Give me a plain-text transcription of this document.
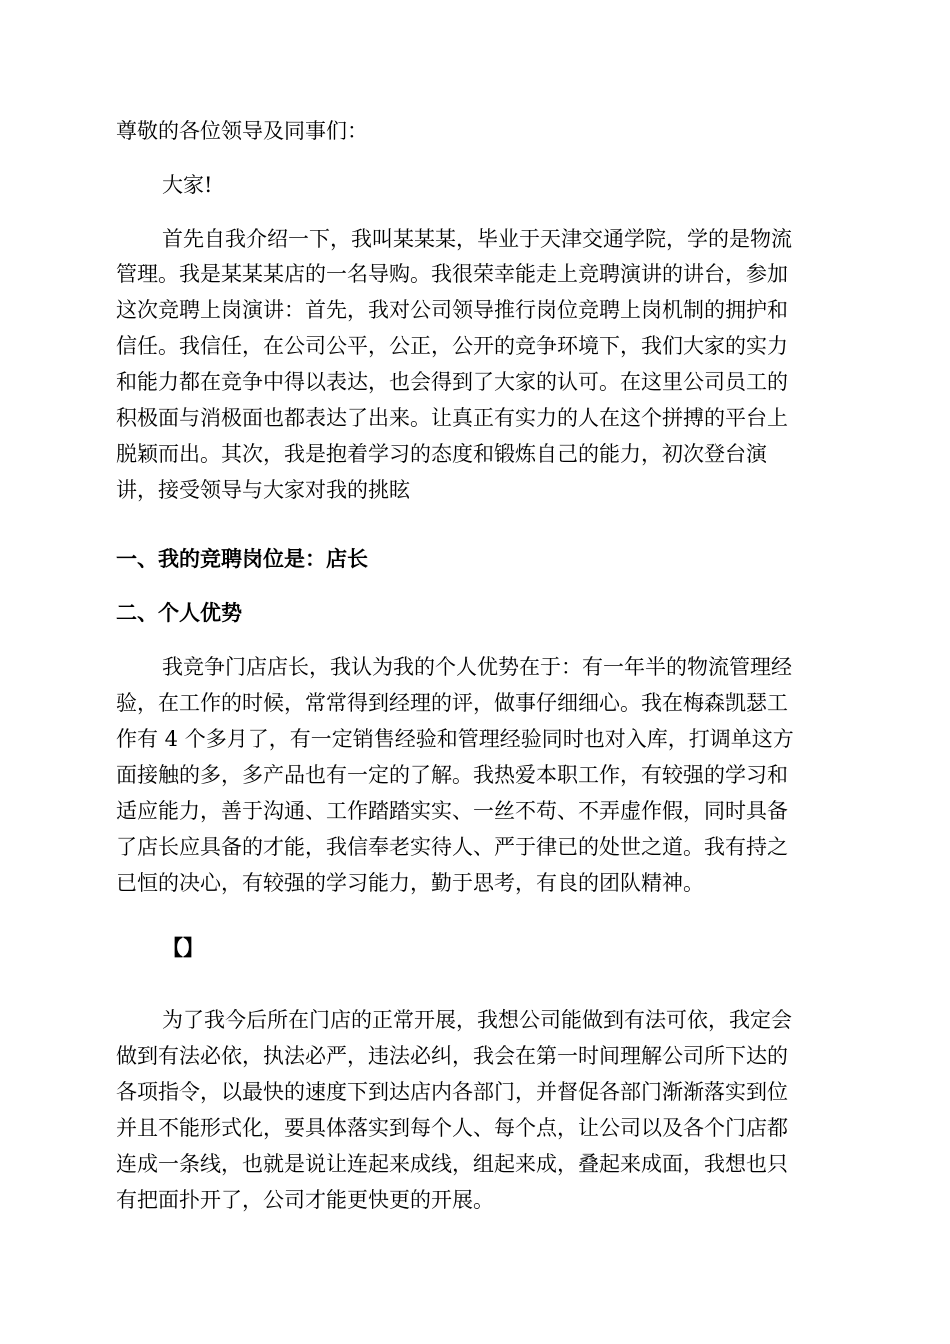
尊敬的各位领导及同事们：

大家!

首先自我介绍一下，我叫某某某，毕业于天津交通学院，学的是物流

管理。我是某某某店的一名导购。我很荣幸能走上竞聘演讲的讲台，参加

这次竞聘上岗演讲：首先，我对公司领导推行岗位竞聘上岗机制的拥护和

信任。我信任，在公司公平，公正，公开的竞争环境下，我们大家的实力

和能力都在竞争中得以表达，也会得到了大家的认可。在这里公司员工的

积极面与消极面也都表达了出来。让真正有实力的人在这个拼搏的平台上

脱颖而出。其次，我是抱着学习的态度和锻炼自己的能力，初次登台演

讲，接受领导与大家对我的挑眩

一、我的竞聘岗位是：店长

二、个人优势

我竞争门店店长，我认为我的个人优势在于：有一年半的物流管理经

验，在工作的时候，常常得到经理的评，做事仔细细心。我在梅森凯瑟工

作有 4 个多月了，有一定销售经验和管理经验同时也对入库，打调单这方

面接触的多，多产品也有一定的了解。我热爱本职工作，有较强的学习和

适应能力，善于沟通、工作踏踏实实、一丝不苟、不弄虚作假，同时具备

了店长应具备的才能，我信奉老实待人、严于律已的处世之道。我有持之

已恒的决心，有较强的学习能力，勤于思考，有良的团队精神。

【】

为了我今后所在门店的正常开展，我想公司能做到有法可依，我定会

做到有法必依，执法必严，违法必纠，我会在第一时间理解公司所下达的

各项指令，以最快的速度下到达店内各部门，并督促各部门渐渐落实到位

并且不能形式化，要具体落实到每个人、每个点，让公司以及各个门店都

连成一条线，也就是说让连起来成线，组起来成，叠起来成面，我想也只

有把面扑开了，公司才能更快更的开展。
